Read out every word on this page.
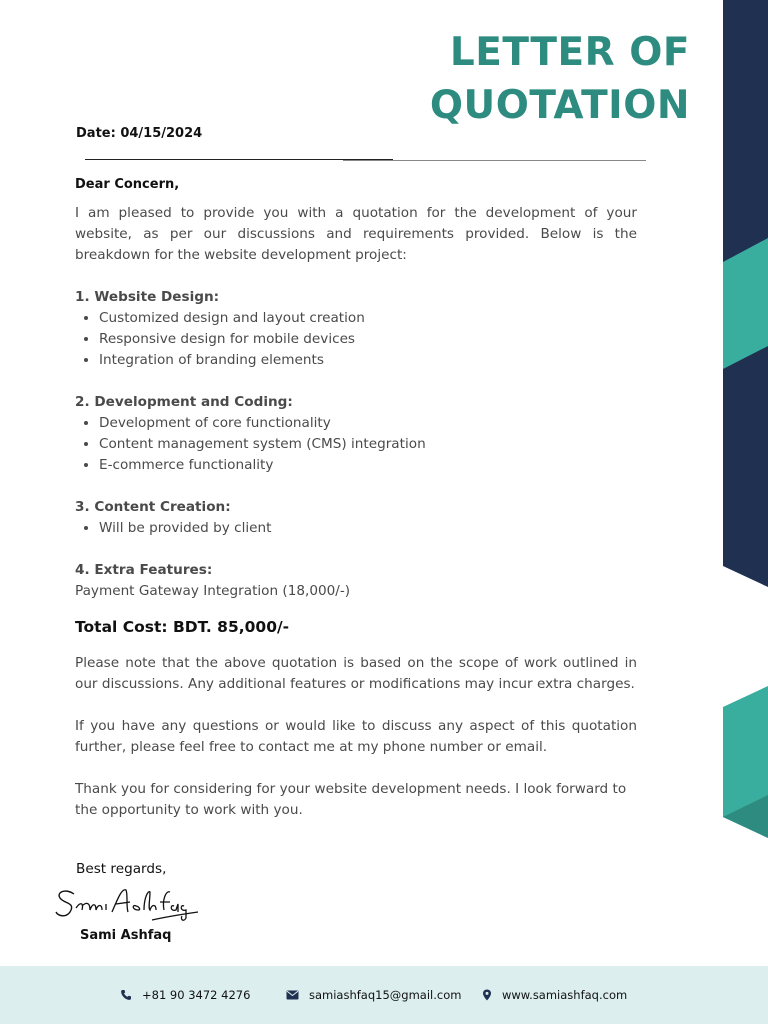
LETTER OF
QUOTATION
Date: 04/15/2024

Dear Concern,

I am pleased to provide you with a quotation for the development of your website, as per our discussions and requirements provided. Below is the breakdown for the website development project:

1. Website Design:

• Customized design and layout creation
• Responsive design for mobile devices
• Integration of branding elements

2. Development and Coding:

• Development of core functionality
• Content management system (CMS) integration
• E-commerce functionality

3. Content Creation:

• Will be provided by client

4. Extra Features:

Payment Gateway Integration (18,000/-)

Total Cost: BDT. 85,000/-

Please note that the above quotation is based on the scope of work outlined in our discussions. Any additional features or modifications may incur extra charges.

If you have any questions or would like to discuss any aspect of this quotation further, please feel free to contact me at my phone number or email.

Thank you for considering for your website development needs. I look forward to the opportunity to work with you.

Best regards,
Sami Ashfaq
+81 90 3472 4276	samiashfaq15@gmail.com	www.samiashfaq.com
